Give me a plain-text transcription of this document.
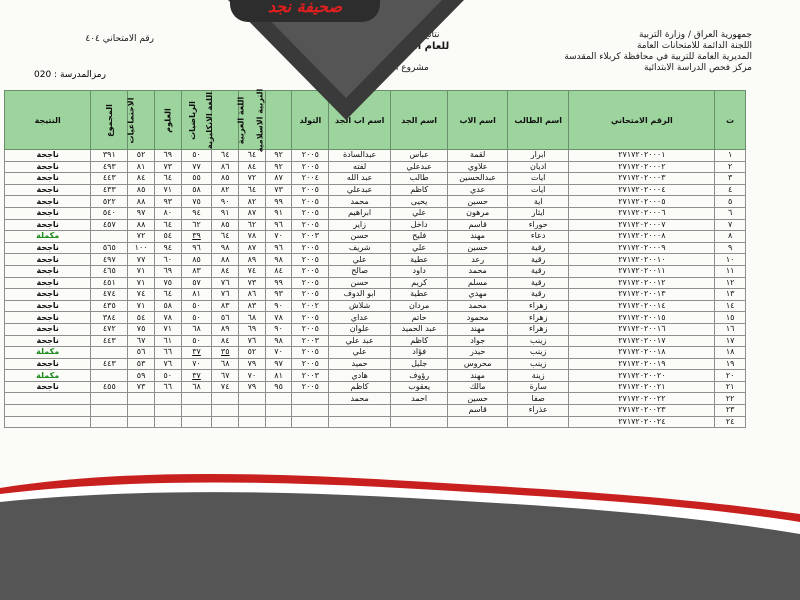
جمهورية العراق / وزارة التربية
اللجنة الدائمة للامتحانات العامة
المديرية العامة للتربية في محافظة كربلاء المقدسة
مركز فحص الدراسة الابتدائية
نتائج الامتحانات العامة للدراسة
للعام الدراسي 2016-2017
الدور الاول
مشروع الدفتر الالكتروني
رقم الامتحاني ٤٠٤
رمزالمدرسة : 020
ت	الرقم الامتحاني	اسم الطالب	اسم الاب	اسم الجد	اسم اب الجد	التولد	التربية الاسلامية	اللغة العربية	اللغة الانكليزية	الرياضيات	العلوم	الاجتماعيات	المجموع	النتيجة
١	٢٧١٧٢٠٢٠٠٠١	ابرار	لقمة	عباس	عبدالسادة	٢٠٠٥	٩٢	٦٤	٦٤	٥٠	٦٩	٥٢	٣٩١	ناجحة
٢	٢٧١٧٢٠٢٠٠٠٢	اديان	علاوي	عبدعلي	لفته	٢٠٠٥	٩٢	٨٤	٨٦	٧٧	٧٣	٨١	٤٩٣	ناجحة
٣	٢٧١٧٢٠٢٠٠٠٣	ايات	عبدالحسين	طالب	عبد الله	٢٠٠٤	٨٧	٧٢	٨٥	٥٥	٦٤	٨٤	٤٤٣	ناجحة
٤	٢٧١٧٢٠٢٠٠٠٤	ايات	عدي	كاظم	عبدعلي	٢٠٠٥	٧٣	٦٤	٨٢	٥٨	٧١	٨٥	٤٣٣	ناجحة
٥	٢٧١٧٢٠٢٠٠٠٥	اية	حسين	يحيى	محمد	٢٠٠٥	٩٩	٨٢	٩٠	٧٥	٩٣	٨٨	٥٢٢	ناجحة
٦	٢٧١٧٢٠٢٠٠٠٦	ايثار	مرهون	علي	ابراهيم	٢٠٠٥	٩١	٨٧	٩١	٩٤	٨٠	٩٧	٥٤٠	ناجحة
٧	٢٧١٧٢٠٢٠٠٠٧	حوراء	قاسم	داخل	زاير	٢٠٠٥	٩٦	٦٢	٨٥	٦٢	٦٤	٨٨	٤٥٧	ناجحة
٨	٢٧١٧٢٠٢٠٠٠٨	دعاء	مهند	فليح	حسن	٢٠٠٣	٧٠	٧٨	٦٤	٣٩	٥٤	٧٢		مكملة
٩	٢٧١٧٢٠٢٠٠٠٩	رقية	حسين	علي	شريف	٢٠٠٥	٩٦	٨٧	٩٨	٩٦	٩٤	١٠٠	٥٦٥	ناجحة
١٠	٢٧١٧٢٠٢٠٠١٠	رقية	رعد	عطية	علي	٢٠٠٥	٩٨	٨٩	٨٨	٨٥	٦٠	٧٧	٤٩٧	ناجحة
١١	٢٧١٧٢٠٢٠٠١١	رقية	محمد	داود	صالح	٢٠٠٥	٨٤	٧٤	٨٤	٨٣	٦٩	٧١	٤٦٥	ناجحة
١٢	٢٧١٧٢٠٢٠٠١٢	رقية	مسلم	كريم	حسن	٢٠٠٥	٩٩	٧٣	٧٦	٥٧	٧٥	٧١	٤٥١	ناجحة
١٣	٢٧١٧٢٠٢٠٠١٣	رقية	مهدي	عطية	ابو الدوف	٢٠٠٥	٩٣	٨٦	٧٦	٨١	٦٤	٧٤	٤٧٤	ناجحة
١٤	٢٧١٧٢٠٢٠٠١٤	زهراء	محمد	مردان	شلاش	٢٠٠٢	٩٠	٨٣	٨٣	٥٠	٥٨	٧١	٤٣٥	ناجحة
١٥	٢٧١٧٢٠٢٠٠١٥	زهراء	محمود	حاتم	عداي	٢٠٠٥	٧٨	٦٨	٥٦	٥٠	٧٨	٥٤	٣٨٤	ناجحة
١٦	٢٧١٧٢٠٢٠٠١٦	زهراء	مهند	عبد الحميد	علوان	٢٠٠٥	٩٠	٦٩	٨٩	٦٨	٧١	٧٥	٤٧٢	ناجحة
١٧	٢٧١٧٢٠٢٠٠١٧	زينب	جواد	كاظم	عبد علي	٢٠٠٣	٩٨	٧٦	٨٤	٥٠	٦١	٦٧	٤٤٣	ناجحة
١٨	٢٧١٧٢٠٢٠٠١٨	زينب	حيدر	فؤاد	علي	٢٠٠٥	٧٠	٥٢	٣٥	٣٧	٦٦	٥٦		مكملة
١٩	٢٧١٧٢٠٢٠٠١٩	زينب	محروس	جليل	حميد	٢٠٠٥	٩٧	٧٩	٦٨	٧٠	٧٦	٥٣	٤٤٣	ناجحة
٢٠	٢٧١٧٢٠٢٠٠٢٠	زينة	مهند	رؤوف	هادي	٢٠٠٣	٨١	٧٠	٦٧	٣٧	٥٠	٥٩		مكملة
٢١	٢٧١٧٢٠٢٠٠٢١	سارة	مالك	يعقوب	كاظم	٢٠٠٥	٩٥	٧٩	٧٤	٦٨	٦٦	٧٣	٤٥٥	ناجحة
٢٢	٢٧١٧٢٠٢٠٠٢٢	صفا	حسين	احمد	محمد									
٢٣	٢٧١٧٢٠٢٠٠٢٣	عذراء	قاسم											
٢٤	٢٧١٧٢٠٢٠٠٢٤													
صحيفة نجد
